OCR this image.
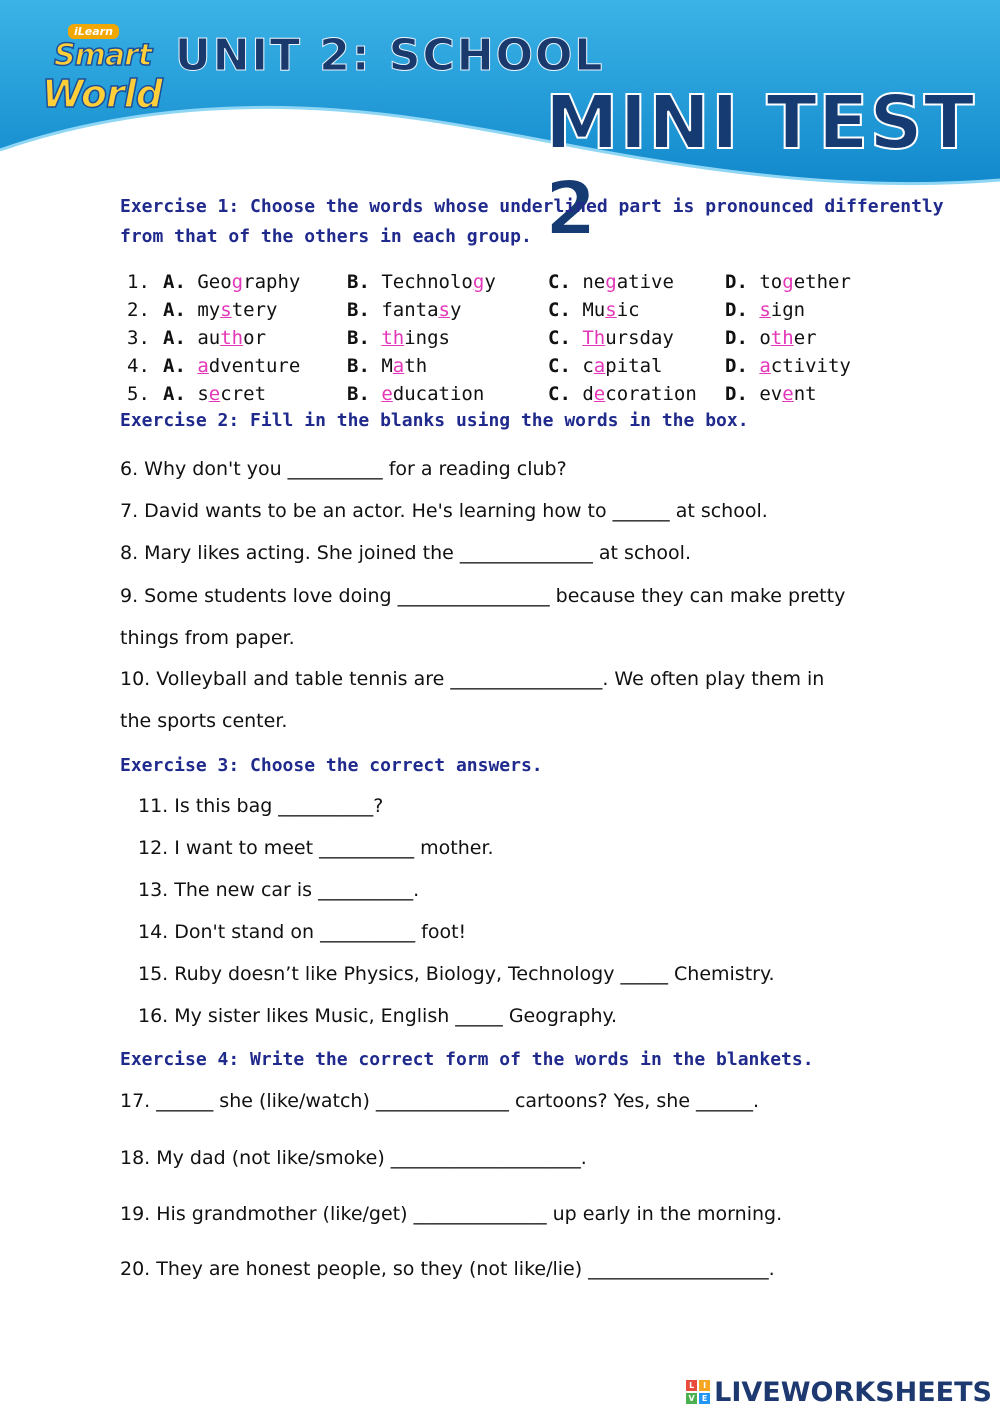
iLearn
Smart
World
UNIT 2: SCHOOL
MINI TEST 2
Exercise 1: Choose the words whose underlined part is pronounced differently
from that of the others in each group.
1. A. Geography B. Technology	C. negative	D. together
2. A. mystery	B. fantasy	C. Music	D. sign
3. A. author	B. things	C. Thursday	D. other
4. A. adventure B. Math	C. capital	D. activity
5. A. secret	B. education	C. decoration D. event
Exercise 2: Fill in the blanks using the words in the box.
6. Why don't you __________ for a reading club?
7. David wants to be an actor. He's learning how to ______ at school.
8. Mary likes acting. She joined the ______________ at school.
9. Some students love doing ________________ because they can make pretty
things from paper.
10. Volleyball and table tennis are ________________. We often play them in
the sports center.
Exercise 3: Choose the correct answers.
11. Is this bag __________?
12. I want to meet __________ mother.
13. The new car is __________.
14. Don't stand on __________ foot!
15. Ruby doesn’t like Physics, Biology, Technology _____ Chemistry.
16. My sister likes Music, English _____ Geography.
Exercise 4: Write the correct form of the words in the blankets.
17. ______ she (like/watch) ______________ cartoons? Yes, she ______.
18. My dad (not like/smoke) ____________________.
19. His grandmother (like/get) ______________ up early in the morning.
20. They are honest people, so they (not like/lie) ___________________.
L	I
V E LIVEWORKSHEETS
